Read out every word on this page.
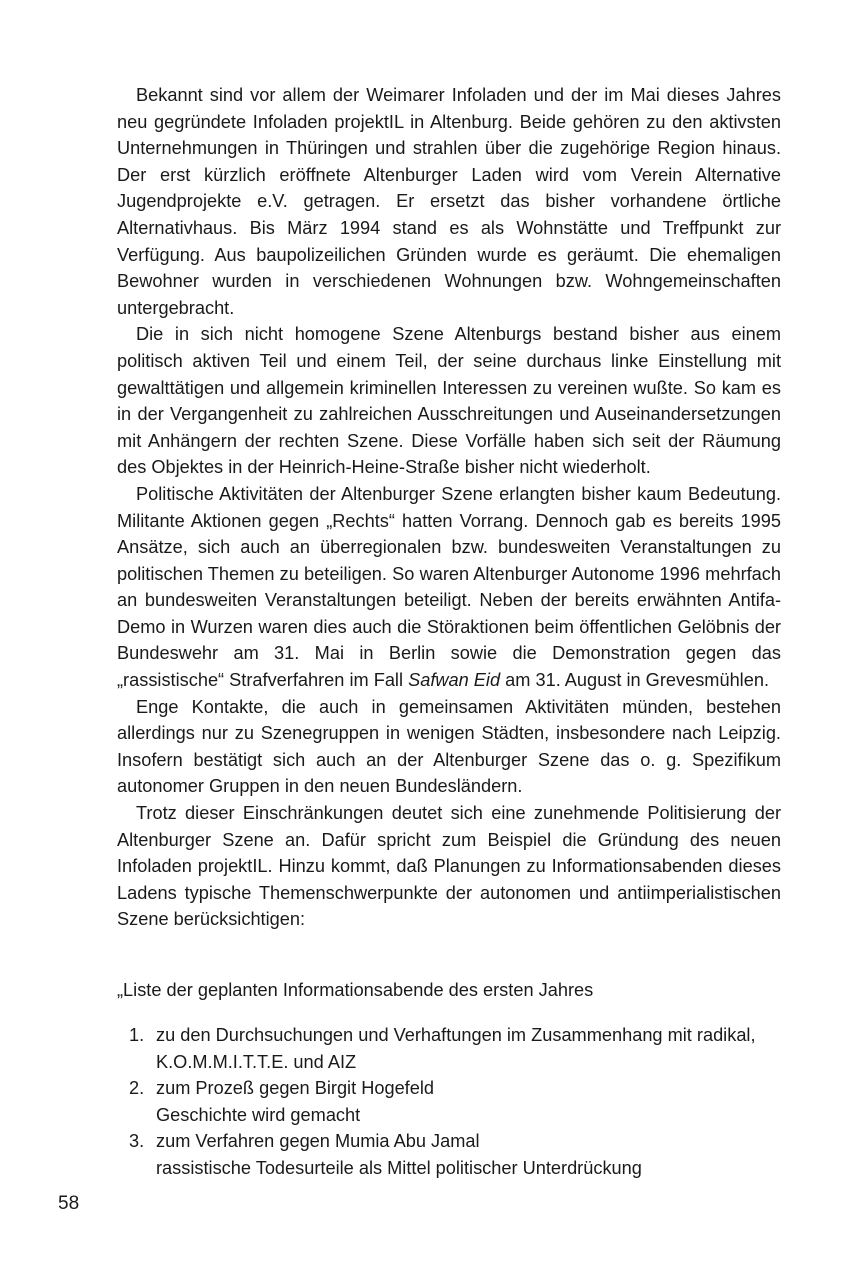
Bekannt sind vor allem der Weimarer Infoladen und der im Mai dieses Jahres neu gegründete Infoladen projektIL in Altenburg. Beide gehören zu den aktivsten Unternehmungen in Thüringen und strahlen über die zugehörige Region hinaus. Der erst kürzlich eröffnete Altenburger Laden wird vom Verein Alternative Jugendprojekte e.V. getragen. Er ersetzt das bisher vorhandene örtliche Alternativhaus. Bis März 1994 stand es als Wohnstätte und Treffpunkt zur Verfügung. Aus baupolizeilichen Gründen wurde es geräumt. Die ehemaligen Bewohner wurden in verschiedenen Wohnungen bzw. Wohngemeinschaften untergebracht.

Die in sich nicht homogene Szene Altenburgs bestand bisher aus einem politisch aktiven Teil und einem Teil, der seine durchaus linke Einstellung mit gewalttätigen und allgemein kriminellen Interessen zu vereinen wußte. So kam es in der Vergangenheit zu zahlreichen Ausschreitungen und Auseinandersetzungen mit Anhängern der rechten Szene. Diese Vorfälle haben sich seit der Räumung des Objektes in der Heinrich-Heine-Straße bisher nicht wiederholt.

Politische Aktivitäten der Altenburger Szene erlangten bisher kaum Bedeutung. Militante Aktionen gegen „Rechts“ hatten Vorrang. Dennoch gab es bereits 1995 Ansätze, sich auch an überregionalen bzw. bundesweiten Veranstaltungen zu politischen Themen zu beteiligen. So waren Altenburger Autonome 1996 mehrfach an bundesweiten Veranstaltungen beteiligt. Neben der bereits erwähnten Antifa-Demo in Wurzen waren dies auch die Störaktionen beim öffentlichen Gelöbnis der Bundeswehr am 31. Mai in Berlin sowie die Demonstration gegen das „rassistische“ Strafverfahren im Fall Safwan Eid am 31. August in Grevesmühlen.

Enge Kontakte, die auch in gemeinsamen Aktivitäten münden, bestehen allerdings nur zu Szenegruppen in wenigen Städten, insbesondere nach Leipzig. Insofern bestätigt sich auch an der Altenburger Szene das o. g. Spezifikum autonomer Gruppen in den neuen Bundesländern.

Trotz dieser Einschränkungen deutet sich eine zunehmende Politisierung der Altenburger Szene an. Dafür spricht zum Beispiel die Gründung des neuen Infoladen projektIL. Hinzu kommt, daß Planungen zu Informationsabenden dieses Ladens typische Themenschwerpunkte der autonomen und antiimperialistischen Szene berücksichtigen:

„Liste der geplanten Informationsabende des ersten Jahres

1. zu den Durchsuchungen und Verhaftungen im Zusammenhang mit radikal, K.O.M.M.I.T.T.E. und AIZ
2. zum Prozeß gegen Birgit Hogefeld
Geschichte wird gemacht
3. zum Verfahren gegen Mumia Abu Jamal
rassistische Todesurteile als Mittel politischer Unterdrückung
58
